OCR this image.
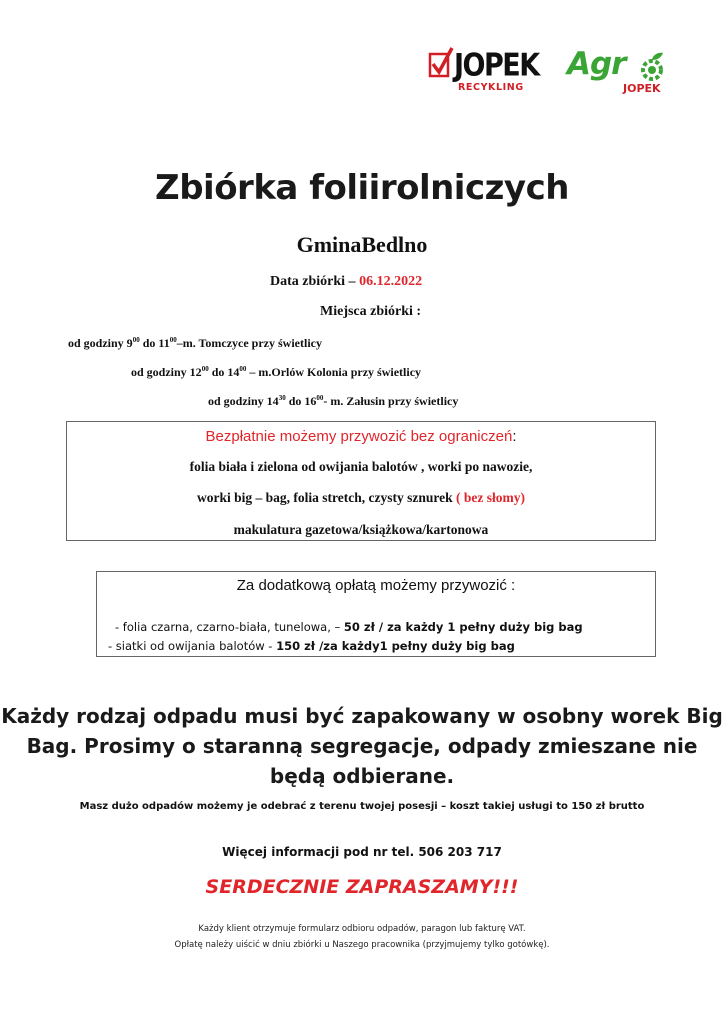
JOPEK
RECYKLING
Agr
JOPEK
Zbiórka foliirolniczych
GminaBedlno
Data zbiórki – 06.12.2022
Miejsca zbiórki :
od godziny $9^{00}$ do $11^{00}-m$. Tomczyce przy świetlicy
od godziny $12^{00}$ do $14^{00}$ – m.Orlów Kolonia przy świetlicy
od godziny $14^{30}$ do $16^{00}-$ m. Załusin przy świetlicy
Bezpłatnie możemy przywozić bez ograniczeń:
folia biała i zielona od owijania balotów , worki po nawozie,
worki big – bag, folia stretch, czysty sznurek ( bez słomy)
makulatura gazetowa/książkowa/kartonowa
Za dodatkową opłatą możemy przywozić :
- folia czarna, czarno-biała, tunelowa, – 50 zł / za każdy 1 pełny duży big bag
- siatki od owijania balotów - 150 zł /za każdy1 pełny duży big bag
Każdy rodzaj odpadu musi być zapakowany w osobny worek Big Bag. Prosimy o staranną segregacje, odpady zmieszane nie będą odbierane.
Masz dużo odpadów możemy je odebrać z terenu twojej posesji – koszt takiej usługi to 150 zł brutto
Więcej informacji pod nr tel. 506 203 717
SERDECZNIE ZAPRASZAMY!!!
Każdy klient otrzymuje formularz odbioru odpadów, paragon lub fakturę VAT.
Opłatę należy uiścić w dniu zbiórki u Naszego pracownika (przyjmujemy tylko gotówkę).
